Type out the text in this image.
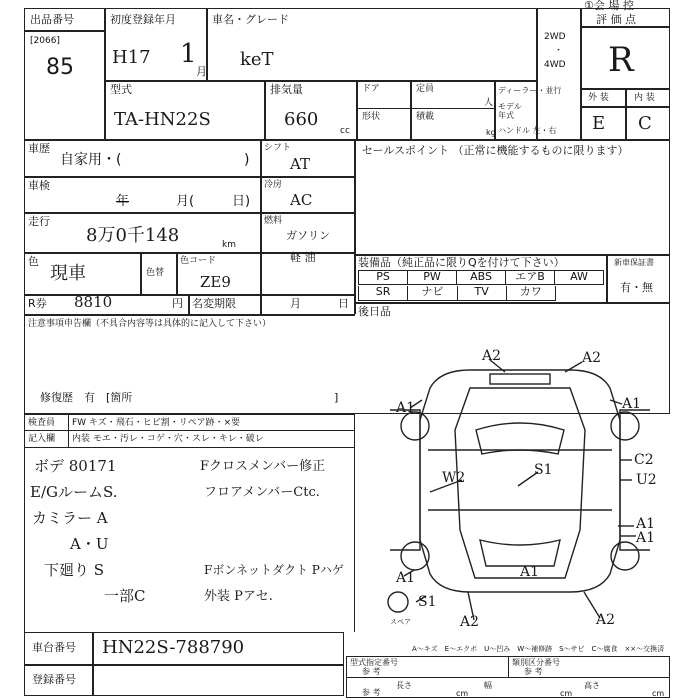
出品番号
[2066]
85
初度登録年月
H17 1
月
車名・グレード
keT
①会 場 控
2WD
・
4WD
評 価 点
R
外 装	内 装
E C
型式
TA-HN22S
排気量
660
cc
ドア
形状
定員
人
積載
kg
ディーラー・並行
モデル年式
ハンドル 左・右
車歴
自家用・(	)
シフト
AT
車検
年	月(	日)
冷房
AC
走行
8万0千148	km
燃料
ガソリン
軽 油
色
現車	色替
色コード
ZE9
R券 8810	円 名変期限	月	日
セールスポイント （正常に機能するものに限ります）
装備品（純正品に限りQを付けて下さい）
PS	PW	ABS	エアB	AW
SR	ナビ	TV	カワ
新車保証書
有・無
注意事項申告欄（不具合内容等は具体的に記入して下さい）
修復歴　有　[箇所	]
後日品
検査員
記入欄
FW キズ・飛石・ヒビ割・リペア跡・×要
内装 モエ・汚レ・コゲ・穴・スレ・キレ・破レ
ボデ 80171
E/GルームS.
カミラー A
A・U
下廻り S
一部C
Fクロスメンバー修正
フロアメンバーCtc.
Fボンネットダクト Pハゲ
外装 Pアセ.
A2	A2
A1	A1
C2
U2
W2	S1
A1
A1	A1
A1
S1
A2	A2
スペア
車台番号 HN22S-788790
登録番号
A～キズ　E～エクボ　U～凹み　W～補修跡　S～サビ　C～腐食　××～交換済
型式指定番号
参 考
類別区分番号
参 考
参 考
長さ
cm
幅
cm
高さ
cm
